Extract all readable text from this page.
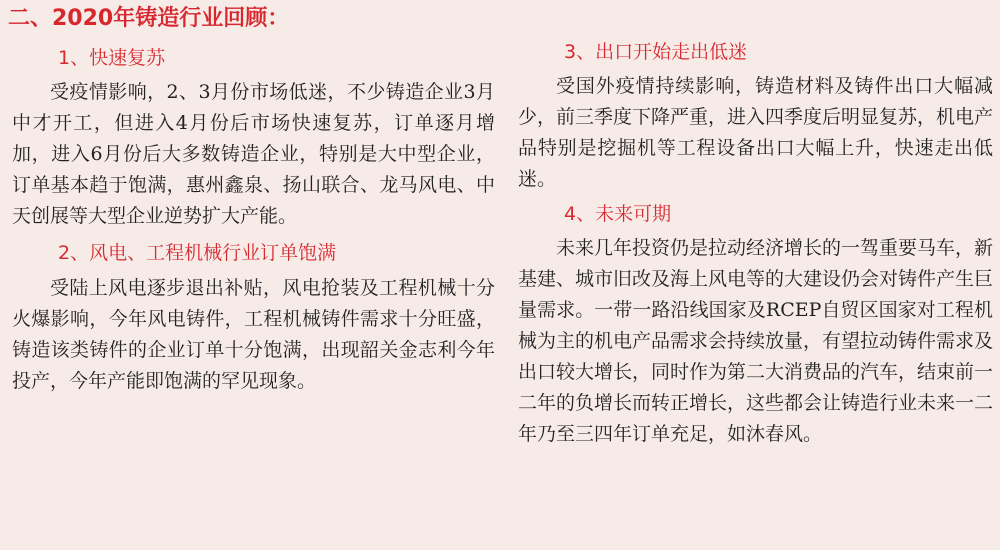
二、2020年铸造行业回顾：
1、快速复苏

受疫情影响，2、3月份市场低迷，不少铸造企业3月中才开工，但进入4月份后市场快速复苏，订单逐月增加，进入6月份后大多数铸造企业，特别是大中型企业，订单基本趋于饱满，惠州鑫泉、扬山联合、龙马风电、中天创展等大型企业逆势扩大产能。

2、风电、工程机械行业订单饱满

受陆上风电逐步退出补贴，风电抢装及工程机械十分火爆影响，今年风电铸件，工程机械铸件需求十分旺盛，铸造该类铸件的企业订单十分饱满，出现韶关金志利今年投产，今年产能即饱满的罕见现象。

3、出口开始走出低迷

受国外疫情持续影响，铸造材料及铸件出口大幅减少，前三季度下降严重，进入四季度后明显复苏，机电产品特别是挖掘机等工程设备出口大幅上升，快速走出低迷。

4、未来可期

未来几年投资仍是拉动经济增长的一驾重要马车，新基建、城市旧改及海上风电等的大建设仍会对铸件产生巨量需求。一带一路沿线国家及RCEP自贸区国家对工程机械为主的机电产品需求会持续放量，有望拉动铸件需求及出口较大增长，同时作为第二大消费品的汽车，结束前一二年的负增长而转正增长，这些都会让铸造行业未来一二年乃至三四年订单充足，如沐春风。
